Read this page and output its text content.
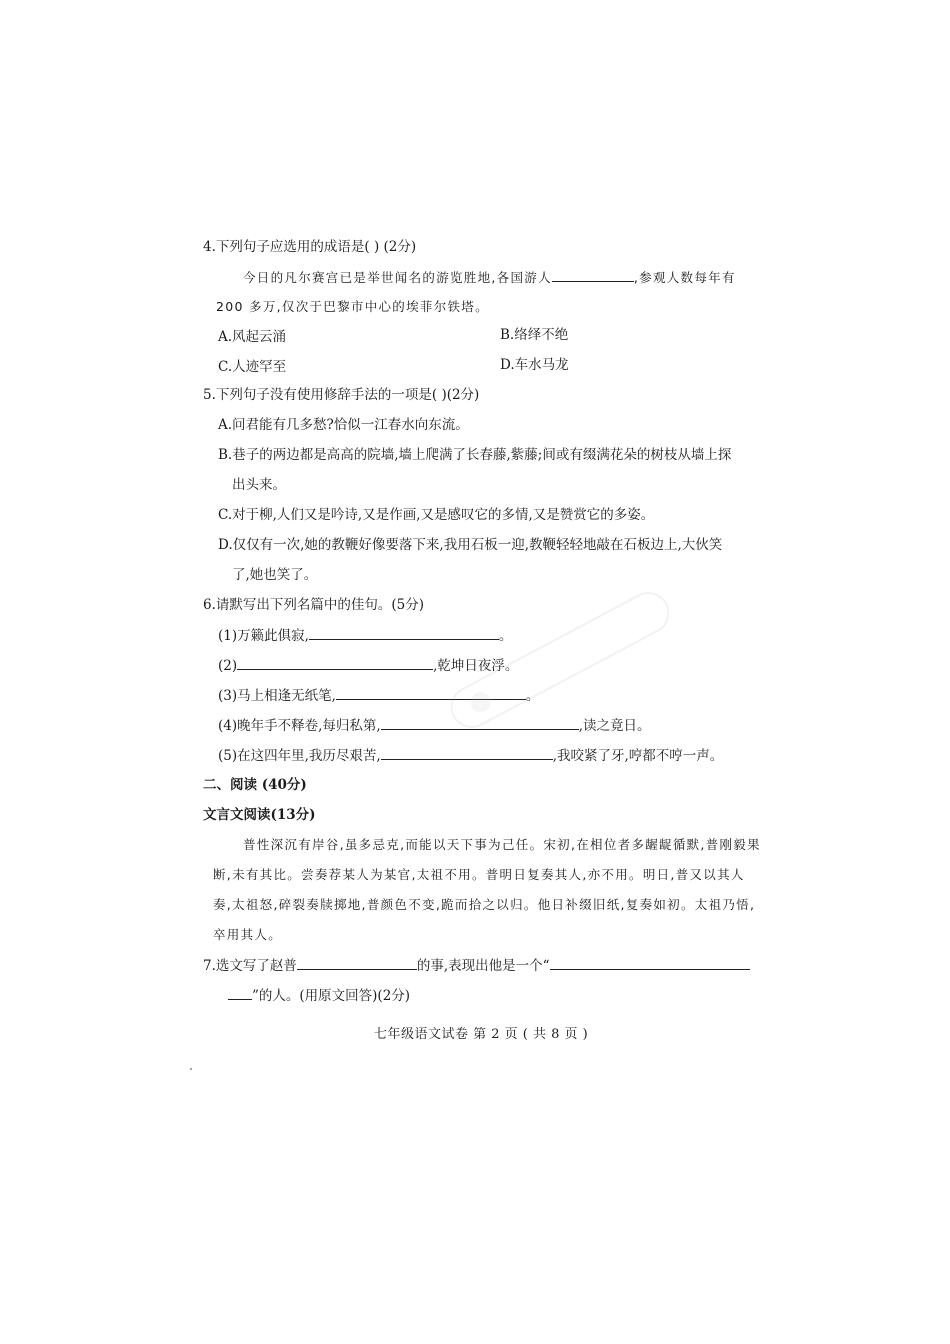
4.下列句子应选用的成语是( ) (2分)
今日的凡尔赛宫已是举世闻名的游览胜地,各国游人	,参观人数每年有
200 多万,仅次于巴黎市中心的埃菲尔铁塔。
A.风起云涌	B.络绎不绝
C.人迹罕至	D.车水马龙
5.下列句子没有使用修辞手法的一项是( )(2分)
A.问君能有几多愁?恰似一江春水向东流。
B.巷子的两边都是高高的院墙,墙上爬满了长春藤,紫藤;间或有缀满花朵的树枝从墙上探
出头来。
C.对于柳,人们又是吟诗,又是作画,又是感叹它的多情,又是赞赏它的多姿。
D.仅仅有一次,她的教鞭好像要落下来,我用石板一迎,教鞭轻轻地敲在石板边上,大伙笑
了,她也笑了。
6.请默写出下列名篇中的佳句。(5分)
(1)万籁此俱寂,	。
(2)	,乾坤日夜浮。
(3)马上相逢无纸笔,	。
(4)晚年手不释卷,每归私第,	,读之竟日。
(5)在这四年里,我历尽艰苦,	,我咬紧了牙,哼都不哼一声。
二、阅读 (40分)
文言文阅读(13分)
普性深沉有岸谷,虽多忌克,而能以天下事为己任。宋初,在相位者多龌龊循默,普刚毅果
断,未有其比。尝奏荐某人为某官,太祖不用。普明日复奏其人,亦不用。明日,普又以其人
奏,太祖怒,碎裂奏牍掷地,普颜色不变,跪而拾之以归。他日补缀旧纸,复奏如初。太祖乃悟,
卒用其人。
7.选文写了赵普	的事,表现出他是一个“
”的人。(用原文回答)(2分)
七年级语文试卷 第 2 页 ( 共 8 页 )
